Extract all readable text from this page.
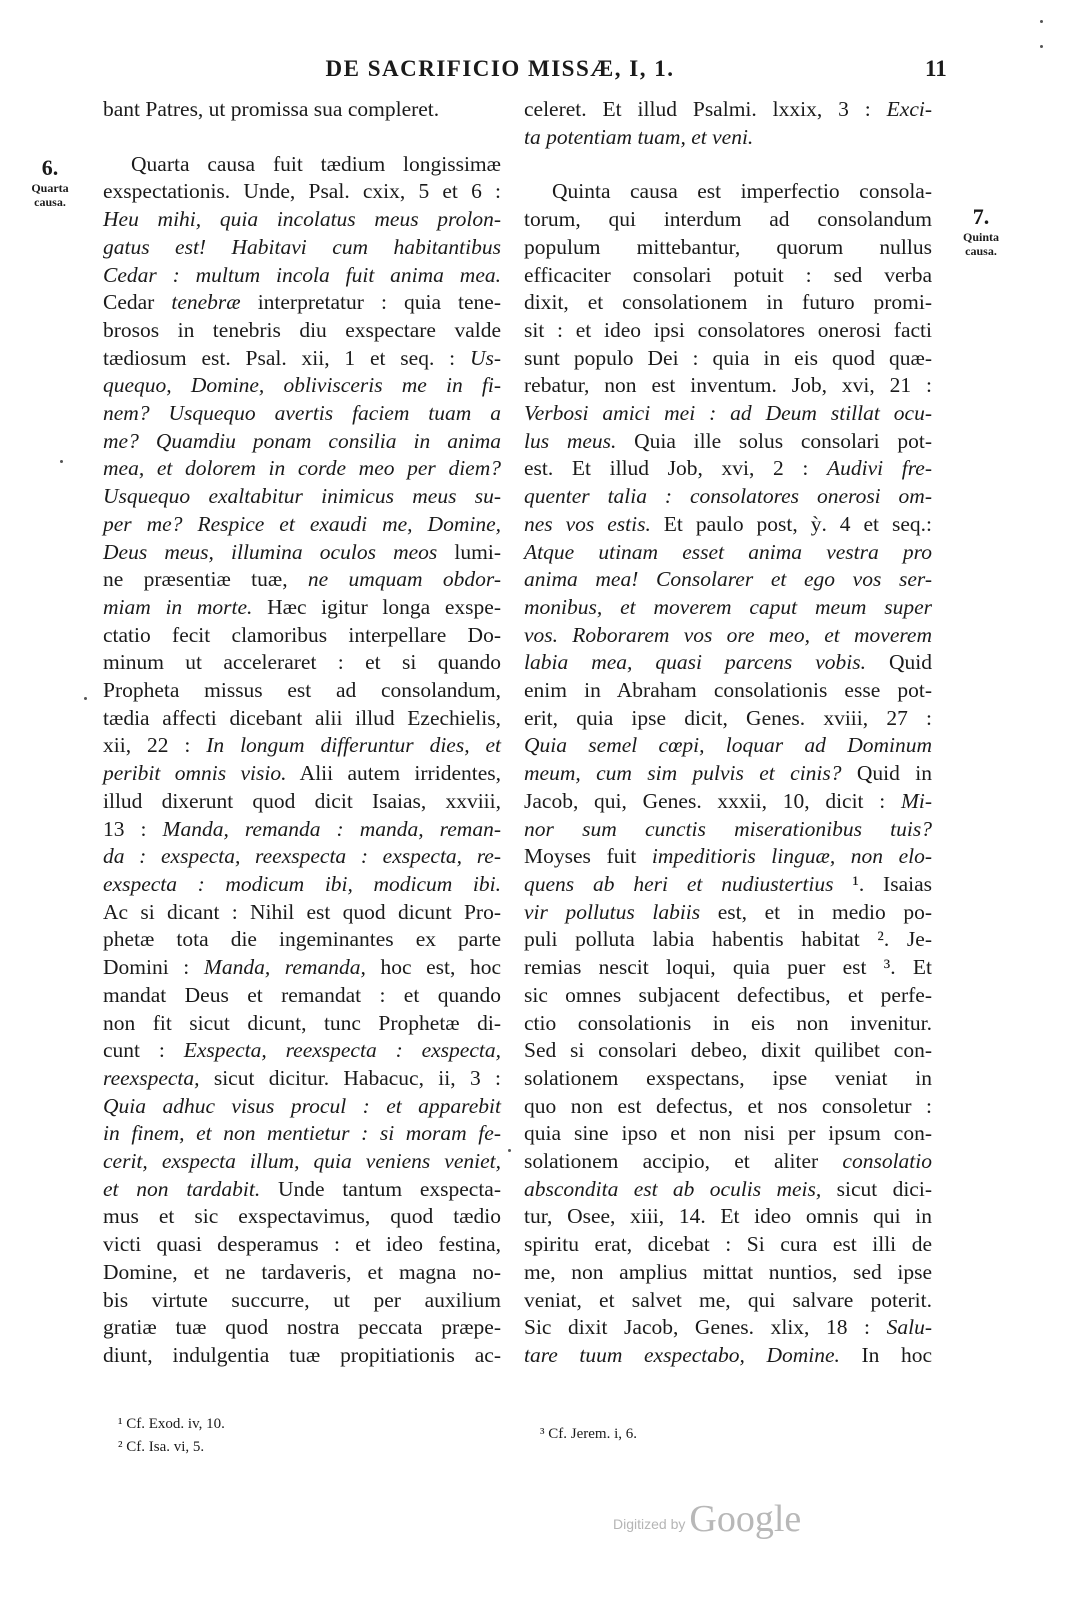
DE SACRIFICIO MISSÆ, I, 1.	11
6.
Quarta
causa.
7.
Quinta
causa.
bant Patres, ut promissa sua compleret.
Quarta causa fuit tædium longissimæ
exspectationis. Unde, Psal. cxix, 5 et 6 :
Heu mihi, quia incolatus meus prolon-
gatus est! Habitavi cum habitantibus
Cedar : multum incola fuit anima mea.
Cedar tenebræ interpretatur : quia tene-
brosos in tenebris diu exspectare valde
tædiosum est. Psal. xii, 1 et seq. : Us-
quequo, Domine, oblivisceris me in fi-
nem? Usquequo avertis faciem tuam a
me? Quamdiu ponam consilia in anima
mea, et dolorem in corde meo per diem?
Usquequo exaltabitur inimicus meus su-
per me? Respice et exaudi me, Domine,
Deus meus, illumina oculos meos lumi-
ne præsentiæ tuæ, ne umquam obdor-
miam in morte. Hæc igitur longa exspe-
ctatio fecit clamoribus interpellare Do-
minum ut acceleraret : et si quando
Propheta missus est ad consolandum,
tædia affecti dicebant alii illud Ezechielis,
xii, 22 : In longum differuntur dies, et
peribit omnis visio. Alii autem irridentes,
illud dixerunt quod dicit Isaias, xxviii,
13 : Manda, remanda : manda, reman-
da : exspecta, reexspecta : exspecta, re-
exspecta : modicum ibi, modicum ibi.
Ac si dicant : Nihil est quod dicunt Pro-
phetæ tota die ingeminantes ex parte
Domini : Manda, remanda, hoc est, hoc
mandat Deus et remandat : et quando
non fit sicut dicunt, tunc Prophetæ di-
cunt : Exspecta, reexspecta : exspecta,
reexspecta, sicut dicitur. Habacuc, ii, 3 :
Quia adhuc visus procul : et apparebit
in finem, et non mentietur : si moram fe-
cerit, exspecta illum, quia veniens veniet,
et non tardabit. Unde tantum exspecta-
mus et sic exspectavimus, quod tædio
victi quasi desperamus : et ideo festina,
Domine, et ne tardaveris, et magna no-
bis virtute succurre, ut per auxilium
gratiæ tuæ quod nostra peccata præpe-
diunt, indulgentia tuæ propitiationis ac-
celeret. Et illud Psalmi. lxxix, 3 : Exci-
ta potentiam tuam, et veni.
Quinta causa est imperfectio consola-
torum, qui interdum ad consolandum
populum mittebantur, quorum nullus
efficaciter consolari potuit : sed verba
dixit, et consolationem in futuro promi-
sit : et ideo ipsi consolatores onerosi facti
sunt populo Dei : quia in eis quod quæ-
rebatur, non est inventum. Job, xvi, 21 :
Verbosi amici mei : ad Deum stillat ocu-
lus meus. Quia ille solus consolari pot-
est. Et illud Job, xvi, 2 : Audivi fre-
quenter talia : consolatores onerosi om-
nes vos estis. Et paulo post, ỳ. 4 et seq.:
Atque utinam esset anima vestra pro
anima mea! Consolarer et ego vos ser-
monibus, et moverem caput meum super
vos. Roborarem vos ore meo, et moverem
labia mea, quasi parcens vobis. Quid
enim in Abraham consolationis esse pot-
erit, quia ipse dicit, Genes. xviii, 27 :
Quia semel cœpi, loquar ad Dominum
meum, cum sim pulvis et cinis? Quid in
Jacob, qui, Genes. xxxii, 10, dicit : Mi-
nor sum cunctis miserationibus tuis?
Moyses fuit impeditioris linguæ, non elo-
quens ab heri et nudiustertius ¹. Isaias
vir pollutus labiis est, et in medio po-
puli polluta labia habentis habitat ². Je-
remias nescit loqui, quia puer est ³. Et
sic omnes subjacent defectibus, et perfe-
ctio consolationis in eis non invenitur.
Sed si consolari debeo, dixit quilibet con-
solationem exspectans, ipse veniat in
quo non est defectus, et nos consoletur :
quia sine ipso et non nisi per ipsum con-
solationem accipio, et aliter consolatio
abscondita est ab oculis meis, sicut dici-
tur, Osee, xiii, 14. Et ideo omnis qui in
spiritu erat, dicebat : Si cura est illi de
me, non amplius mittat nuntios, sed ipse
veniat, et salvet me, qui salvare poterit.
Sic dixit Jacob, Genes. xlix, 18 : Salu-
tare tuum exspectabo, Domine. In hoc
¹ Cf. Exod. iv, 10.
² Cf. Isa. vi, 5.
³ Cf. Jerem. i, 6.
Digitized by Google
